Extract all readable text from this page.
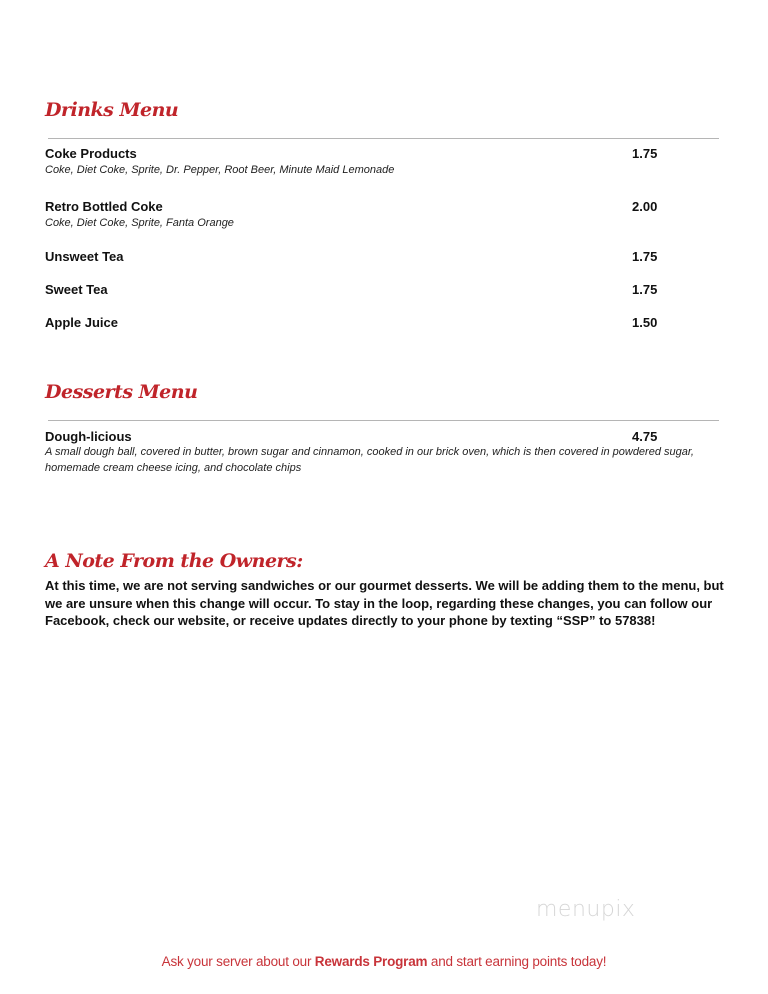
Drinks Menu
Coke Products	1.75
Coke, Diet Coke, Sprite, Dr. Pepper, Root Beer, Minute Maid Lemonade
Retro Bottled Coke	2.00
Coke, Diet Coke, Sprite, Fanta Orange
Unsweet Tea	1.75
Sweet Tea	1.75
Apple Juice	1.50
Desserts Menu
Dough-licious	4.75
A small dough ball, covered in butter, brown sugar and cinnamon, cooked in our brick oven, which is then covered in powdered sugar, homemade cream cheese icing, and chocolate chips
A Note From the Owners:
At this time, we are not serving sandwiches or our gourmet desserts. We will be adding them to the menu, but we are unsure when this change will occur. To stay in the loop, regarding these changes, you can follow our Facebook, check our website, or receive updates directly to your phone by texting “SSP” to 57838!
menupix
Ask your server about our Rewards Program and start earning points today!
